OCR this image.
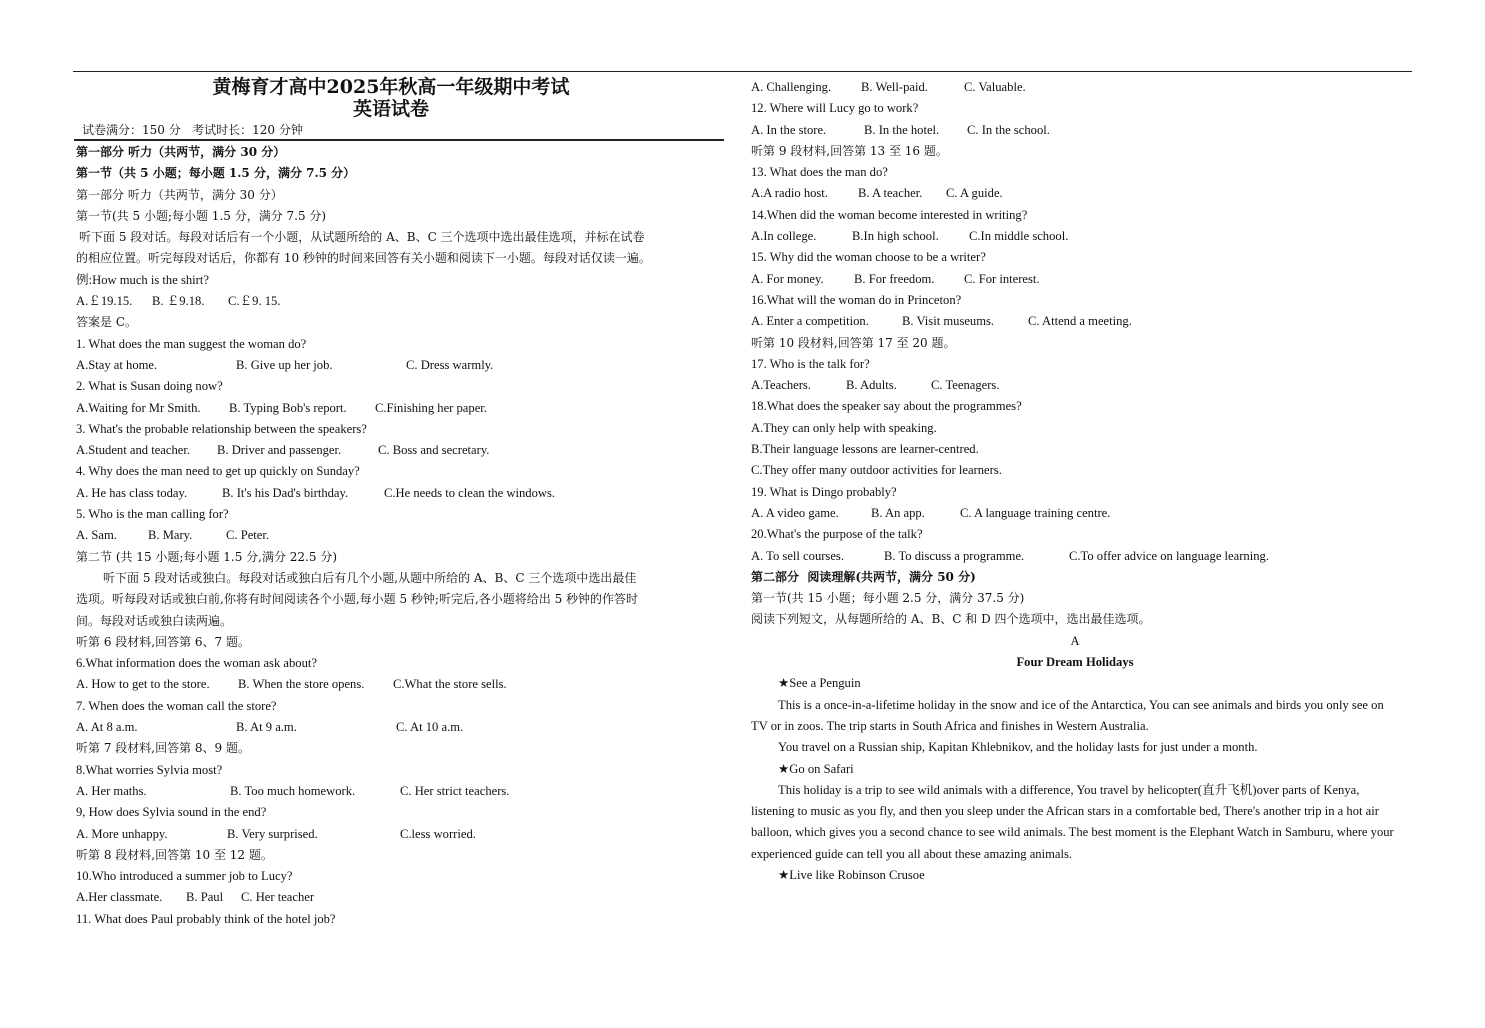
黄梅育才高中2025年秋高一年级期中考试
英语试卷
试卷满分：150 分   考试时长：120 分钟
第一部分 听力（共两节，满分 30 分）
第一节（共 5 小题；每小题 1.5 分，满分 7.5 分）
第一部分 听力（共两节，满分 30 分）
第一节(共 5 小题;每小题 1.5 分，满分 7.5 分)
听下面 5 段对话。每段对话后有一个小题，从试题所给的 A、B、C 三个选项中选出最佳选项，并标在试卷
的相应位置。听完每段对话后，你都有 10 秒钟的时间来回答有关小题和阅读下一小题。每段对话仅读一遍。
例:How much is the shirt?
A.￡19.15. B. ￡9.18. C.￡9. 15.
答案是 C。
1. What does the man suggest the woman do?
A.Stay at home.	B. Give up her job.	C. Dress warmly.
2. What is Susan doing now?
A.Waiting for Mr Smith. B. Typing Bob's report. C.Finishing her paper.
3. What's the probable relationship between the speakers?
A.Student and teacher. B. Driver and passenger.	C. Boss and secretary.
4. Why does the man need to get up quickly on Sunday?
A. He has class today.	B. It's his Dad's birthday.	C.He needs to clean the windows.
5. Who is the man calling for?
A. Sam. B. Mary.	C. Peter.
第二节 (共 15 小题;每小题 1.5 分,满分 22.5 分)
听下面 5 段对话或独白。每段对话或独白后有几个小题,从题中所给的 A、B、C 三个选项中选出最佳
选项。听每段对话或独白前,你将有时间阅读各个小题,每小题 5 秒钟;听完后,各小题将给出 5 秒钟的作答时
间。每段对话或独白读两遍。
听第 6 段材料,回答第 6、7 题。
6.What information does the woman ask about?
A. How to get to the store. B. When the store opens. C.What the store sells.
7. When does the woman call the store?
A. At 8 a.m.	B. At 9 a.m.	C. At 10 a.m.
听第 7 段材料,回答第 8、9 题。
8.What worries Sylvia most?
A. Her maths.	B. Too much homework.	C. Her strict teachers.
9, How does Sylvia sound in the end?
A. More unhappy.	B. Very surprised.	C.less worried.
听第 8 段材料,回答第 10 至 12 题。
10.Who introduced a summer job to Lucy?
A.Her classmate. B. Paul C. Her teacher
11. What does Paul probably think of the hotel job?
A. Challenging. B. Well-paid.	C. Valuable.
12. Where will Lucy go to work?
A. In the store.	B. In the hotel. C. In the school.
听第 9 段材料,回答第 13 至 16 题。
13. What does the man do?
A.A radio host. B. A teacher. C. A guide.
14.When did the woman become interested in writing?
A.In college.	B.In high school. C.In middle school.
15. Why did the woman choose to be a writer?
A. For money. B. For freedom. C. For interest.
16.What will the woman do in Princeton?
A. Enter a competition.	B. Visit museums.	C. Attend a meeting.
听第 10 段材料,回答第 17 至 20 题。
17. Who is the talk for?
A.Teachers.	B. Adults.	C. Teenagers.
18.What does the speaker say about the programmes?
A.They can only help with speaking.
B.Their language lessons are learner-centred.
C.They offer many outdoor activities for learners.
19. What is Dingo probably?
A. A video game.	B. An app.	C. A language training centre.
20.What's the purpose of the talk?
A. To sell courses.	B. To discuss a programme.	C.To offer advice on language learning.
第二部分  阅读理解(共两节，满分 50 分)
第一节(共 15 小题；每小题 2.5 分，满分 37.5 分)
阅读下列短文，从每题所给的 A、B、C 和 D 四个选项中，选出最佳选项。
A
Four Dream Holidays
★See a Penguin
This is a once-in-a-lifetime holiday in the snow and ice of the Antarctica, You can see animals and birds you only see on TV or in zoos. The trip starts in South Africa and finishes in Western Australia.
You travel on a Russian ship, Kapitan Khlebnikov, and the holiday lasts for just under a month.
★Go on Safari
This holiday is a trip to see wild animals with a difference, You travel by helicopter(直升飞机)over parts of Kenya, listening to music as you fly, and then you sleep under the African stars in a comfortable bed, There's another trip in a hot air balloon, which gives you a second chance to see wild animals. The best moment is the Elephant Watch in Samburu, where your experienced guide can tell you all about these amazing animals.
★Live like Robinson Crusoe
